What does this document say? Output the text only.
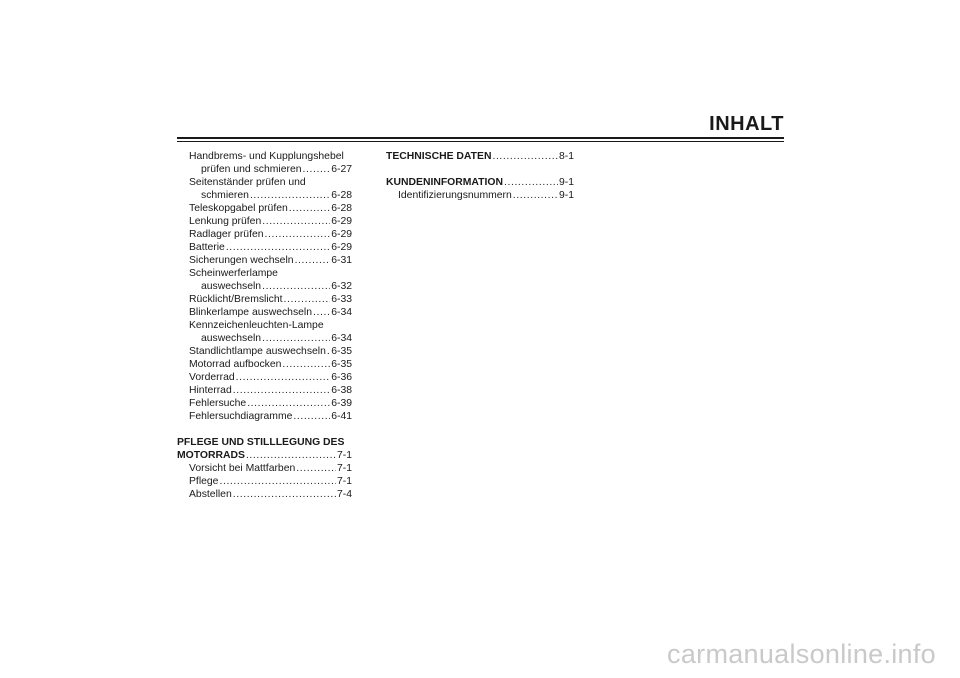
INHALT
Handbrems- und Kupplungshebel
prüfen und schmieren .....	6-27
Seitenständer prüfen und
schmieren .....	6-28
Teleskopgabel prüfen .....	6-28
Lenkung prüfen .....	6-29
Radlager prüfen .....	6-29
Batterie .....	6-29
Sicherungen wechseln .....	6-31
Scheinwerferlampe
auswechseln .....	6-32
Rücklicht/Bremslicht .....	6-33
Blinkerlampe auswechseln ..... 6-34
Kennzeichenleuchten-Lampe
auswechseln .....	6-34
Standlichtlampe auswechseln ..... 6-35
Motorrad aufbocken .....	6-35
Vorderrad .....	6-36
Hinterrad .....	6-38
Fehlersuche .....	6-39
Fehlersuchdiagramme .....	6-41
PFLEGE UND STILLLEGUNG DES
MOTORRADS .....	7-1
Vorsicht bei Mattfarben .....	7-1
Pflege .....	7-1
Abstellen .....	7-4
TECHNISCHE DATEN .....	8-1
KUNDENINFORMATION .....	9-1
Identifizierungsnummern .....	9-1
carmanualsonline.info
